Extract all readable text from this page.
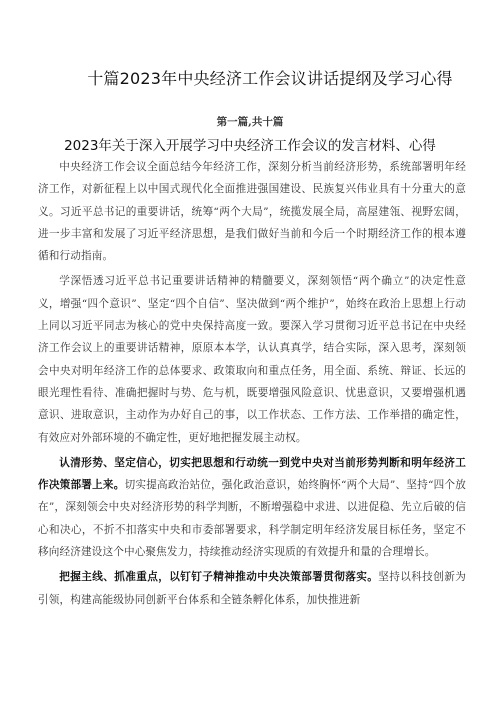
十篇2023年中央经济工作会议讲话提纲及学习心得
第一篇,共十篇
2023年关于深入开展学习中央经济工作会议的发言材料、心得

中央经济工作会议全面总结今年经济工作，深刻分析当前经济形势，系统部署明年经济工作，对新征程上以中国式现代化全面推进强国建设、民族复兴伟业具有十分重大的意义。习近平总书记的重要讲话，统筹“两个大局”，统揽发展全局，高屋建瓴、视野宏阔，进一步丰富和发展了习近平经济思想，是我们做好当前和今后一个时期经济工作的根本遵循和行动指南。

学深悟透习近平总书记重要讲话精神的精髓要义，深刻领悟“两个确立”的决定性意义，增强“四个意识”、坚定“四个自信”、坚决做到“两个维护”，始终在政治上思想上行动上同以习近平同志为核心的党中央保持高度一致。要深入学习贯彻习近平总书记在中央经济工作会议上的重要讲话精神，原原本本学，认认真真学，结合实际，深入思考，深刻领会中央对明年经济工作的总体要求、政策取向和重点任务，用全面、系统、辩证、长远的眼光理性看待、准确把握时与势、危与机，既要增强风险意识、忧患意识，又要增强机遇意识、进取意识，主动作为办好自己的事，以工作状态、工作方法、工作举措的确定性，有效应对外部环境的不确定性，更好地把握发展主动权。

认清形势、坚定信心，切实把思想和行动统一到党中央对当前形势判断和明年经济工作决策部署上来。切实提高政治站位，强化政治意识，始终胸怀“两个大局”、坚持“四个放在”，深刻领会中央对经济形势的科学判断，不断增强稳中求进、以进促稳、先立后破的信心和决心，不折不扣落实中央和市委部署要求，科学制定明年经济发展目标任务，坚定不移向经济建设这个中心聚焦发力，持续推动经济实现质的有效提升和量的合理增长。

把握主线、抓准重点，以钉钉子精神推动中央决策部署贯彻落实。坚持以科技创新为引领，构建高能级协同创新平台体系和全链条孵化体系，加快推进新
